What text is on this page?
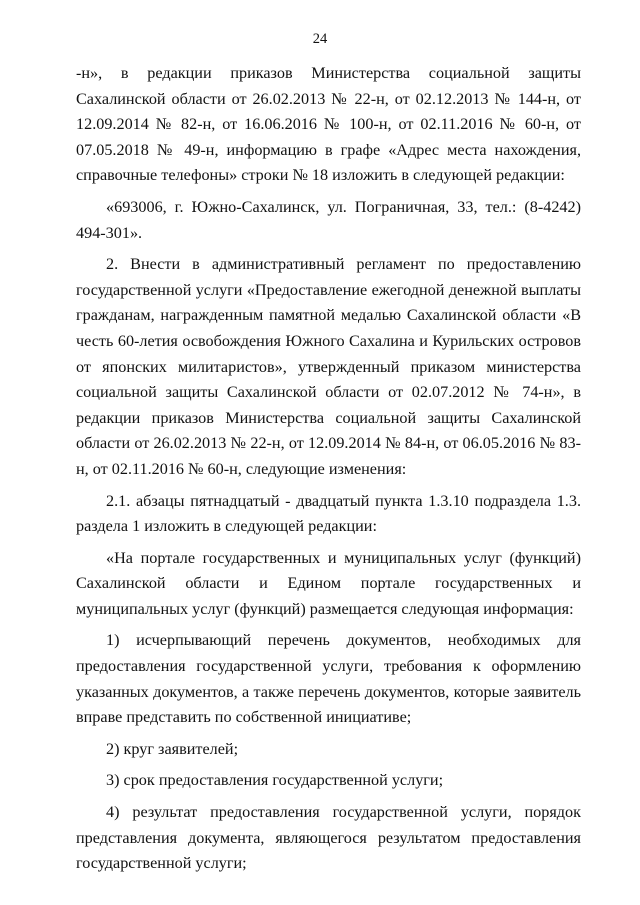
24

-н», в редакции приказов Министерства социальной защиты Сахалинской области от 26.02.2013 № 22-н, от 02.12.2013 № 144-н, от 12.09.2014 № 82-н, от 16.06.2016 № 100-н, от 02.11.2016 № 60-н, от 07.05.2018 № 49-н, информацию в графе «Адрес места нахождения, справочные телефоны» строки № 18 изложить в следующей редакции:

«693006, г. Южно-Сахалинск, ул. Пограничная, 33, тел.: (8-4242) 494-301».

2. Внести в административный регламент по предоставлению государственной услуги «Предоставление ежегодной денежной выплаты гражданам, награжденным памятной медалью Сахалинской области «В честь 60-летия освобождения Южного Сахалина и Курильских островов от японских милитаристов», утвержденный приказом министерства социальной защиты Сахалинской области от 02.07.2012 № 74-н», в редакции приказов Министерства социальной защиты Сахалинской области от 26.02.2013 № 22-н, от 12.09.2014 № 84-н, от 06.05.2016 № 83-н, от 02.11.2016 № 60-н, следующие изменения:

2.1. абзацы пятнадцатый - двадцатый пункта 1.3.10 подраздела 1.3. раздела 1 изложить в следующей редакции:

«На портале государственных и муниципальных услуг (функций) Сахалинской области и Едином портале государственных и муниципальных услуг (функций) размещается следующая информация:

1) исчерпывающий перечень документов, необходимых для предоставления государственной услуги, требования к оформлению указанных документов, а также перечень документов, которые заявитель вправе представить по собственной инициативе;

2) круг заявителей;

3) срок предоставления государственной услуги;

4) результат предоставления государственной услуги, порядок представления документа, являющегося результатом предоставления государственной услуги;
